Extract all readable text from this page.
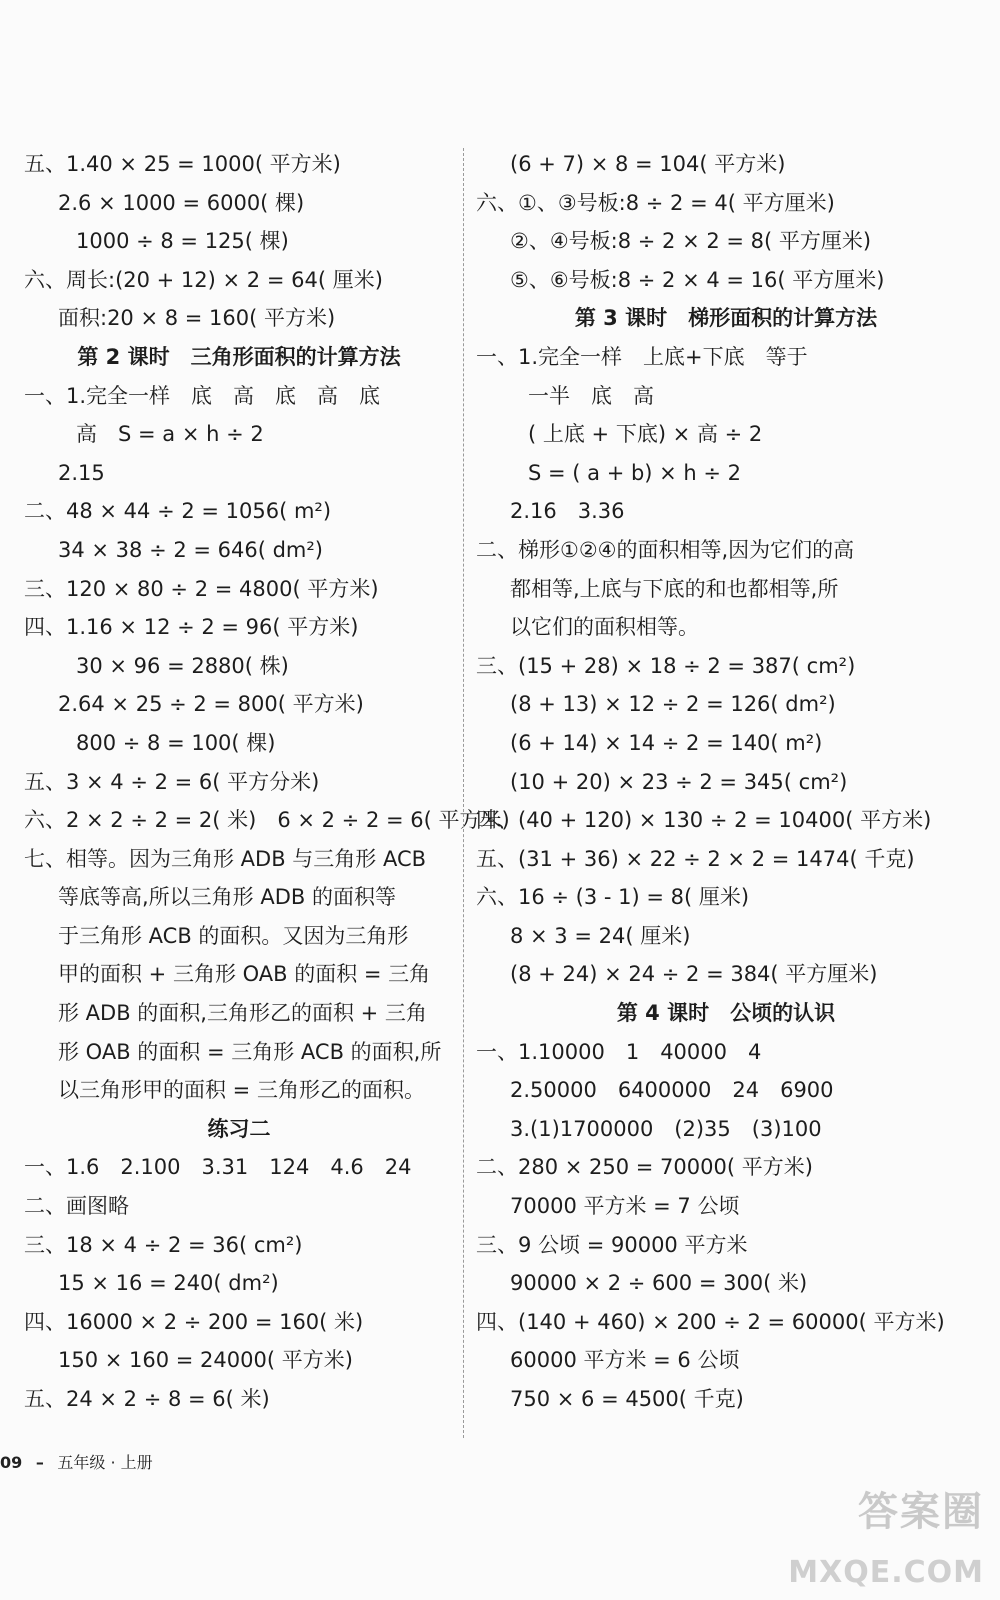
五、1.40 × 25 = 1000( 平方米)
2.6 × 1000 = 6000( 棵)
1000 ÷ 8 = 125( 棵)
六、周长:(20 + 12) × 2 = 64( 厘米)
面积:20 × 8 = 160( 平方米)
第 2 课时　三角形面积的计算方法
一、1.完全一样　底　高　底　高　底
高　S = a × h ÷ 2
2.15
二、48 × 44 ÷ 2 = 1056( m²)
34 × 38 ÷ 2 = 646( dm²)
三、120 × 80 ÷ 2 = 4800( 平方米)
四、1.16 × 12 ÷ 2 = 96( 平方米)
30 × 96 = 2880( 株)
2.64 × 25 ÷ 2 = 800( 平方米)
800 ÷ 8 = 100( 棵)
五、3 × 4 ÷ 2 = 6( 平方分米)
六、2 × 2 ÷ 2 = 2( 米)　6 × 2 ÷ 2 = 6( 平方米)
七、相等。因为三角形 ADB 与三角形 ACB
等底等高,所以三角形 ADB 的面积等
于三角形 ACB 的面积。又因为三角形
甲的面积 + 三角形 OAB 的面积 = 三角
形 ADB 的面积,三角形乙的面积 + 三角
形 OAB 的面积 = 三角形 ACB 的面积,所
以三角形甲的面积 = 三角形乙的面积。
练习二
一、1.6　2.100　3.31　124　4.6　24
二、画图略
三、18 × 4 ÷ 2 = 36( cm²)
15 × 16 = 240( dm²)
四、16000 × 2 ÷ 200 = 160( 米)
150 × 160 = 24000( 平方米)
五、24 × 2 ÷ 8 = 6( 米)
(6 + 7) × 8 = 104( 平方米)
六、①、③号板:8 ÷ 2 = 4( 平方厘米)
②、④号板:8 ÷ 2 × 2 = 8( 平方厘米)
⑤、⑥号板:8 ÷ 2 × 4 = 16( 平方厘米)
第 3 课时　梯形面积的计算方法
一、1.完全一样　上底+下底　等于
一半　底　高
( 上底 + 下底) × 高 ÷ 2
S = ( a + b) × h ÷ 2
2.16　3.36
二、梯形①②④的面积相等,因为它们的高
都相等,上底与下底的和也都相等,所
以它们的面积相等。
三、(15 + 28) × 18 ÷ 2 = 387( cm²)
(8 + 13) × 12 ÷ 2 = 126( dm²)
(6 + 14) × 14 ÷ 2 = 140( m²)
(10 + 20) × 23 ÷ 2 = 345( cm²)
四、(40 + 120) × 130 ÷ 2 = 10400( 平方米)
五、(31 + 36) × 22 ÷ 2 × 2 = 1474( 千克)
六、16 ÷ (3 - 1) = 8( 厘米)
8 × 3 = 24( 厘米)
(8 + 24) × 24 ÷ 2 = 384( 平方厘米)
第 4 课时　公顷的认识
一、1.10000　1　40000　4
2.50000　6400000　24　6900
3.(1)1700000　(2)35　(3)100
二、280 × 250 = 70000( 平方米)
70000 平方米 = 7 公顷
三、9 公顷 = 90000 平方米
90000 × 2 ÷ 600 = 300( 米)
四、(140 + 460) × 200 ÷ 2 = 60000( 平方米)
60000 平方米 = 6 公顷
750 × 6 = 4500( 千克)
09 – 五年级 · 上册
答案圈
MXQE.COM
